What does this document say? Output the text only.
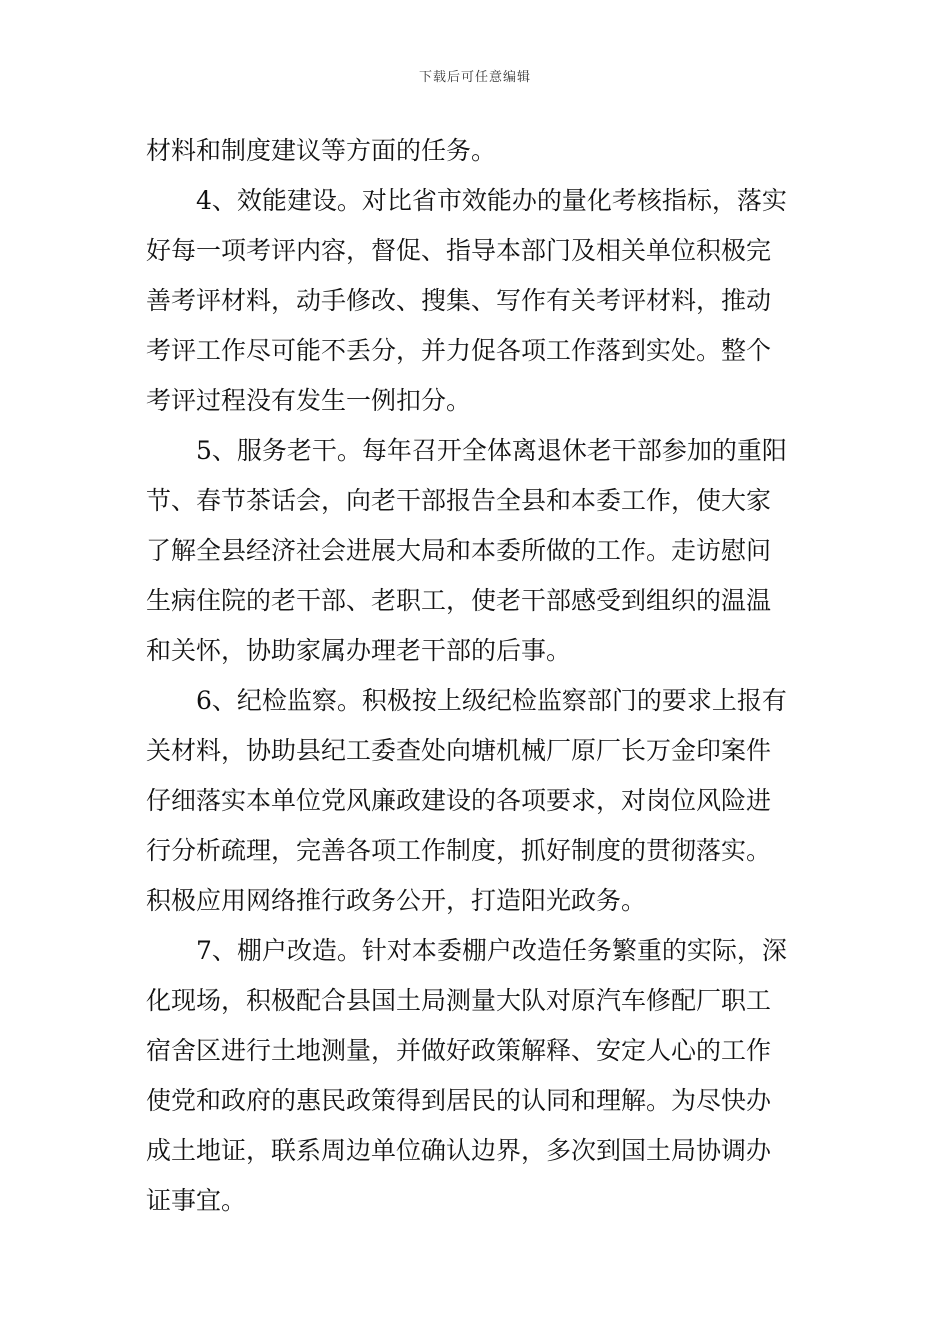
下载后可任意编辑
材料和制度建议等方面的任务。
4、效能建设。对比省市效能办的量化考核指标，落实
好每一项考评内容，督促、指导本部门及相关单位积极完
善考评材料，动手修改、搜集、写作有关考评材料，推动
考评工作尽可能不丢分，并力促各项工作落到实处。整个
考评过程没有发生一例扣分。
5、服务老干。每年召开全体离退休老干部参加的重阳
节、春节茶话会，向老干部报告全县和本委工作，使大家
了解全县经济社会进展大局和本委所做的工作。走访慰问
生病住院的老干部、老职工，使老干部感受到组织的温温
和关怀，协助家属办理老干部的后事。
6、纪检监察。积极按上级纪检监察部门的要求上报有
关材料，协助县纪工委查处向塘机械厂原厂长万金印案件
仔细落实本单位党风廉政建设的各项要求，对岗位风险进
行分析疏理，完善各项工作制度，抓好制度的贯彻落实。
积极应用网络推行政务公开，打造阳光政务。
7、棚户改造。针对本委棚户改造任务繁重的实际，深
化现场，积极配合县国土局测量大队对原汽车修配厂职工
宿舍区进行土地测量，并做好政策解释、安定人心的工作
使党和政府的惠民政策得到居民的认同和理解。为尽快办
成土地证，联系周边单位确认边界，多次到国土局协调办
证事宜。
